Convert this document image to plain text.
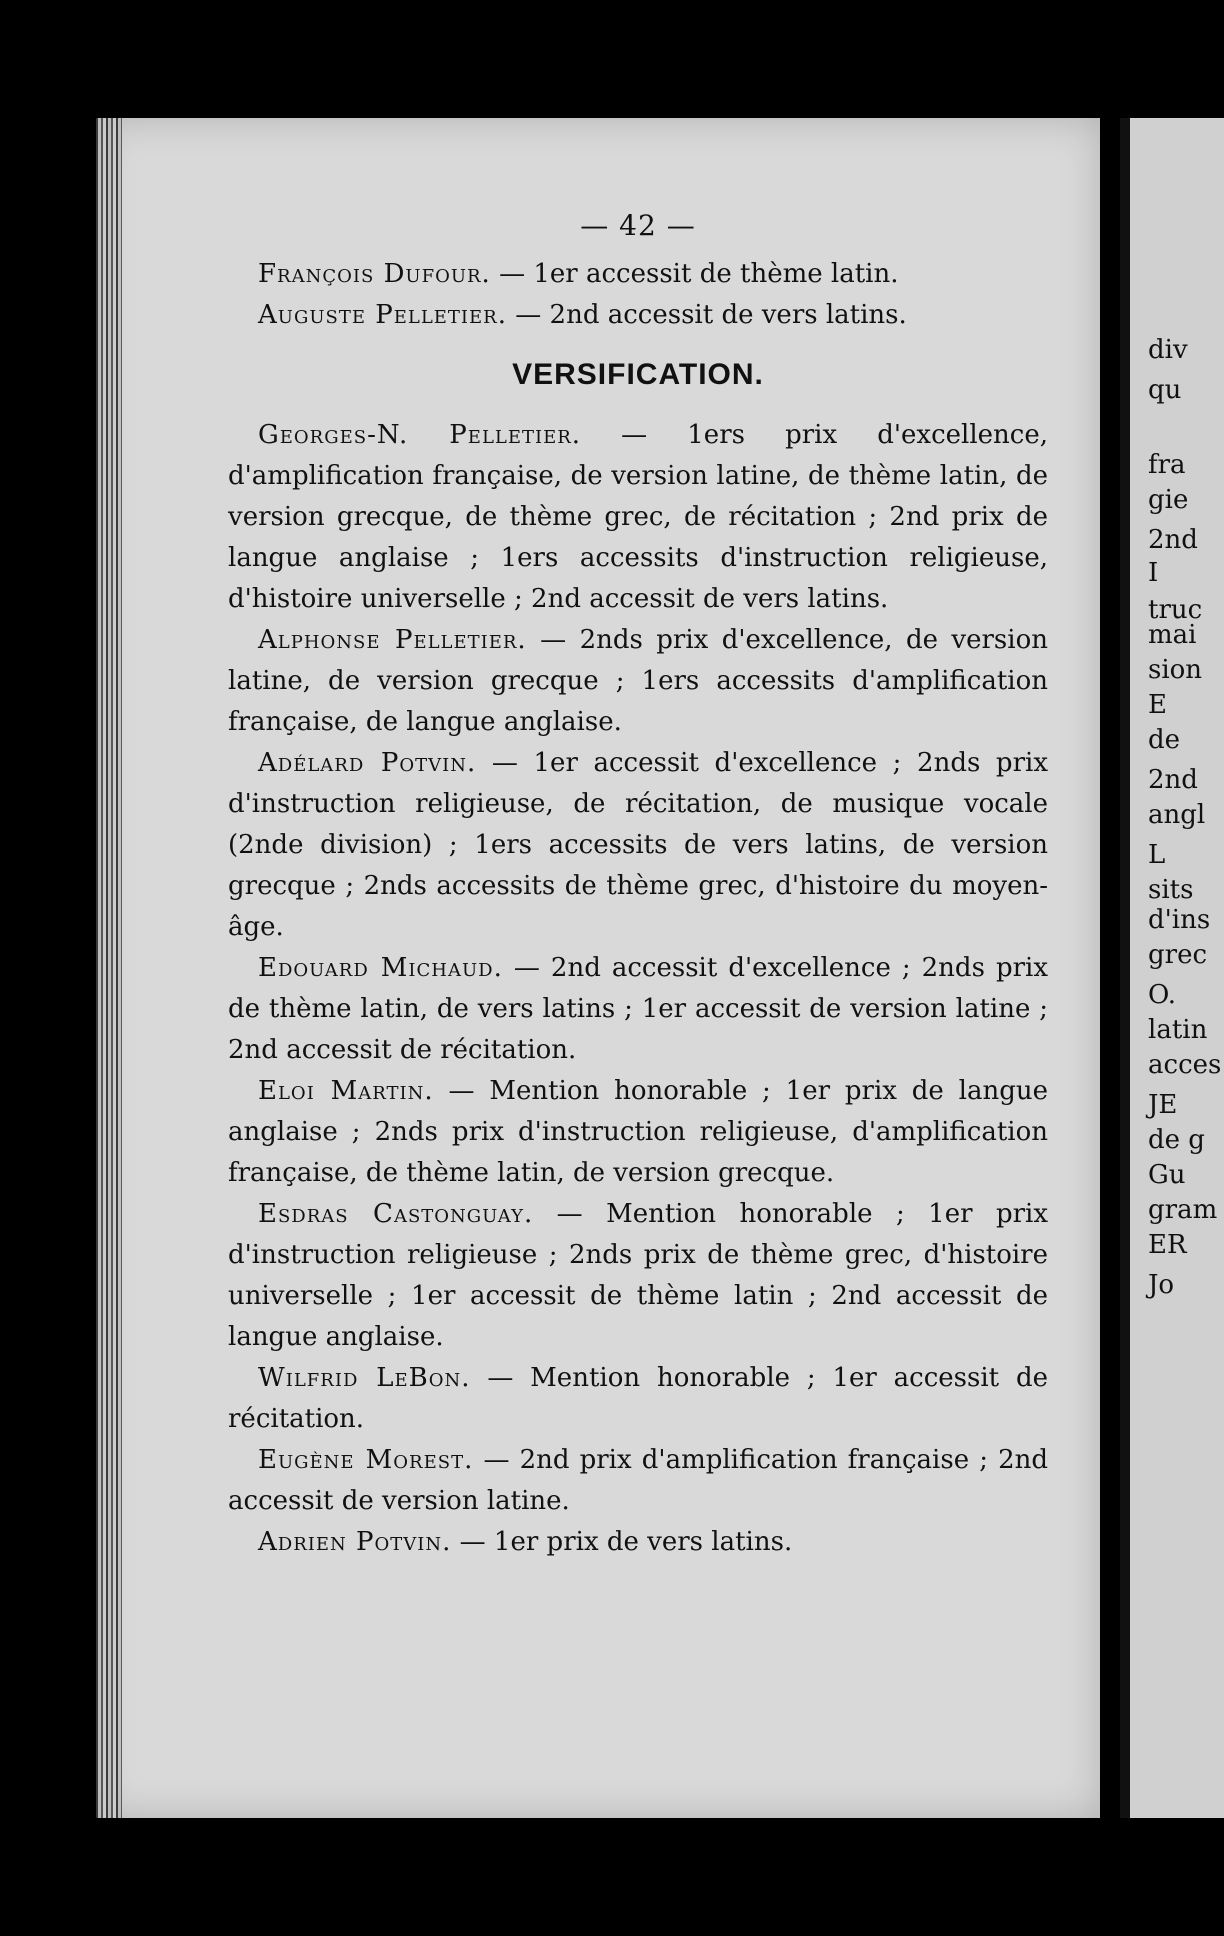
div
qu
fra
gie
2nd
I
truc
mai
sion
E
de
2nd
angl
L
sits
d'ins
grec
O.
latin
acces
JE
de g
Gu
gram
ER
Jo
— 42 —

François Dufour. — 1er accessit de thème latin.

Auguste Pelletier. — 2nd accessit de vers latins.

VERSIFICATION.

Georges-N. Pelletier. — 1ers prix d'excellence, d'amplification française, de version latine, de thème latin, de version grecque, de thème grec, de récitation ; 2nd prix de langue anglaise ; 1ers accessits d'instruction religieuse, d'histoire universelle ; 2nd accessit de vers latins.

Alphonse Pelletier. — 2nds prix d'excellence, de version latine, de version grecque ; 1ers accessits d'amplification française, de langue anglaise.

Adélard Potvin. — 1er accessit d'excellence ; 2nds prix d'instruction religieuse, de récitation, de musique vocale (2nde division) ; 1ers accessits de vers latins, de version grecque ; 2nds accessits de thème grec, d'histoire du moyen-âge.

Edouard Michaud. — 2nd accessit d'excellence ; 2nds prix de thème latin, de vers latins ; 1er accessit de version latine ; 2nd accessit de récitation.

Eloi Martin. — Mention honorable ; 1er prix de langue anglaise ; 2nds prix d'instruction religieuse, d'amplification française, de thème latin, de version grecque.

Esdras Castonguay. — Mention honorable ; 1er prix d'instruction religieuse ; 2nds prix de thème grec, d'histoire universelle ; 1er accessit de thème latin ; 2nd accessit de langue anglaise.

Wilfrid LeBon. — Mention honorable ; 1er accessit de récitation.

Eugène Morest. — 2nd prix d'amplification française ; 2nd accessit de version latine.

Adrien Potvin. — 1er prix de vers latins.
